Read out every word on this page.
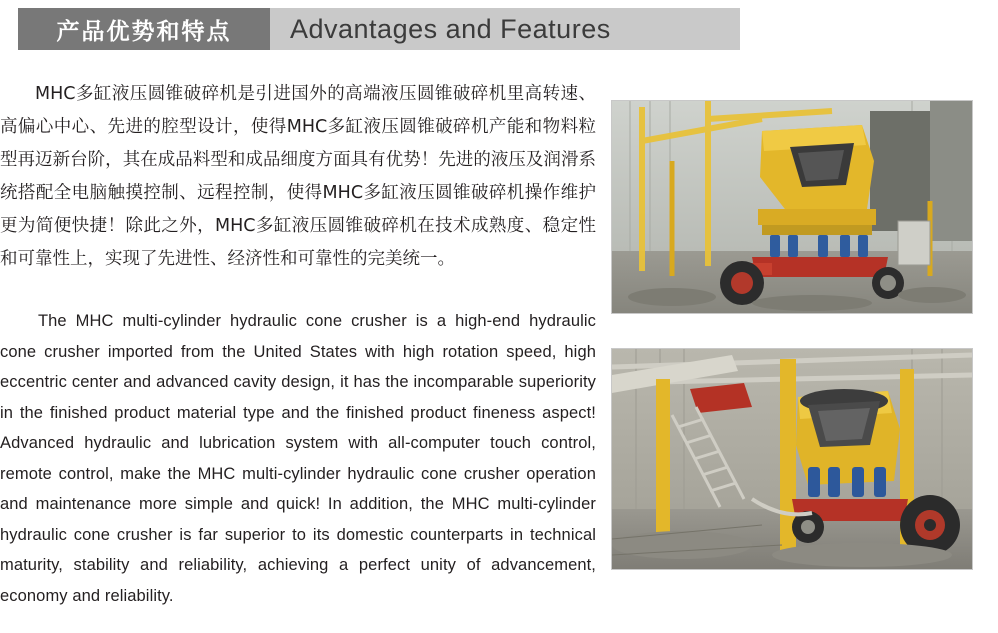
产品优势和特点	Advantages and Features

MHC多缸液压圆锥破碎机是引进国外的高端液压圆锥破碎机里高转速、高偏心中心、先进的腔型设计，使得MHC多缸液压圆锥破碎机产能和物料粒型再迈新台阶，其在成品料型和成品细度方面具有优势！先进的液压及润滑系统搭配全电脑触摸控制、远程控制，使得MHC多缸液压圆锥破碎机操作维护更为简便快捷！除此之外，MHC多缸液压圆锥破碎机在技术成熟度、稳定性和可靠性上，实现了先进性、经济性和可靠性的完美统一。

The MHC multi-cylinder hydraulic cone crusher is a high-end hydraulic cone crusher imported from the United States with high rotation speed, high eccentric center and advanced cavity design, it has the incomparable superiority in the finished product material type and the finished product fineness aspect! Advanced hydraulic and lubrication system with all-computer touch control, remote control, make the MHC multi-cylinder hydraulic cone crusher operation and maintenance more simple and quick! In addition, the MHC multi-cylinder hydraulic cone crusher is far superior to its domestic counterparts in technical maturity, stability and reliability, achieving a perfect unity of advancement, economy and reliability.
